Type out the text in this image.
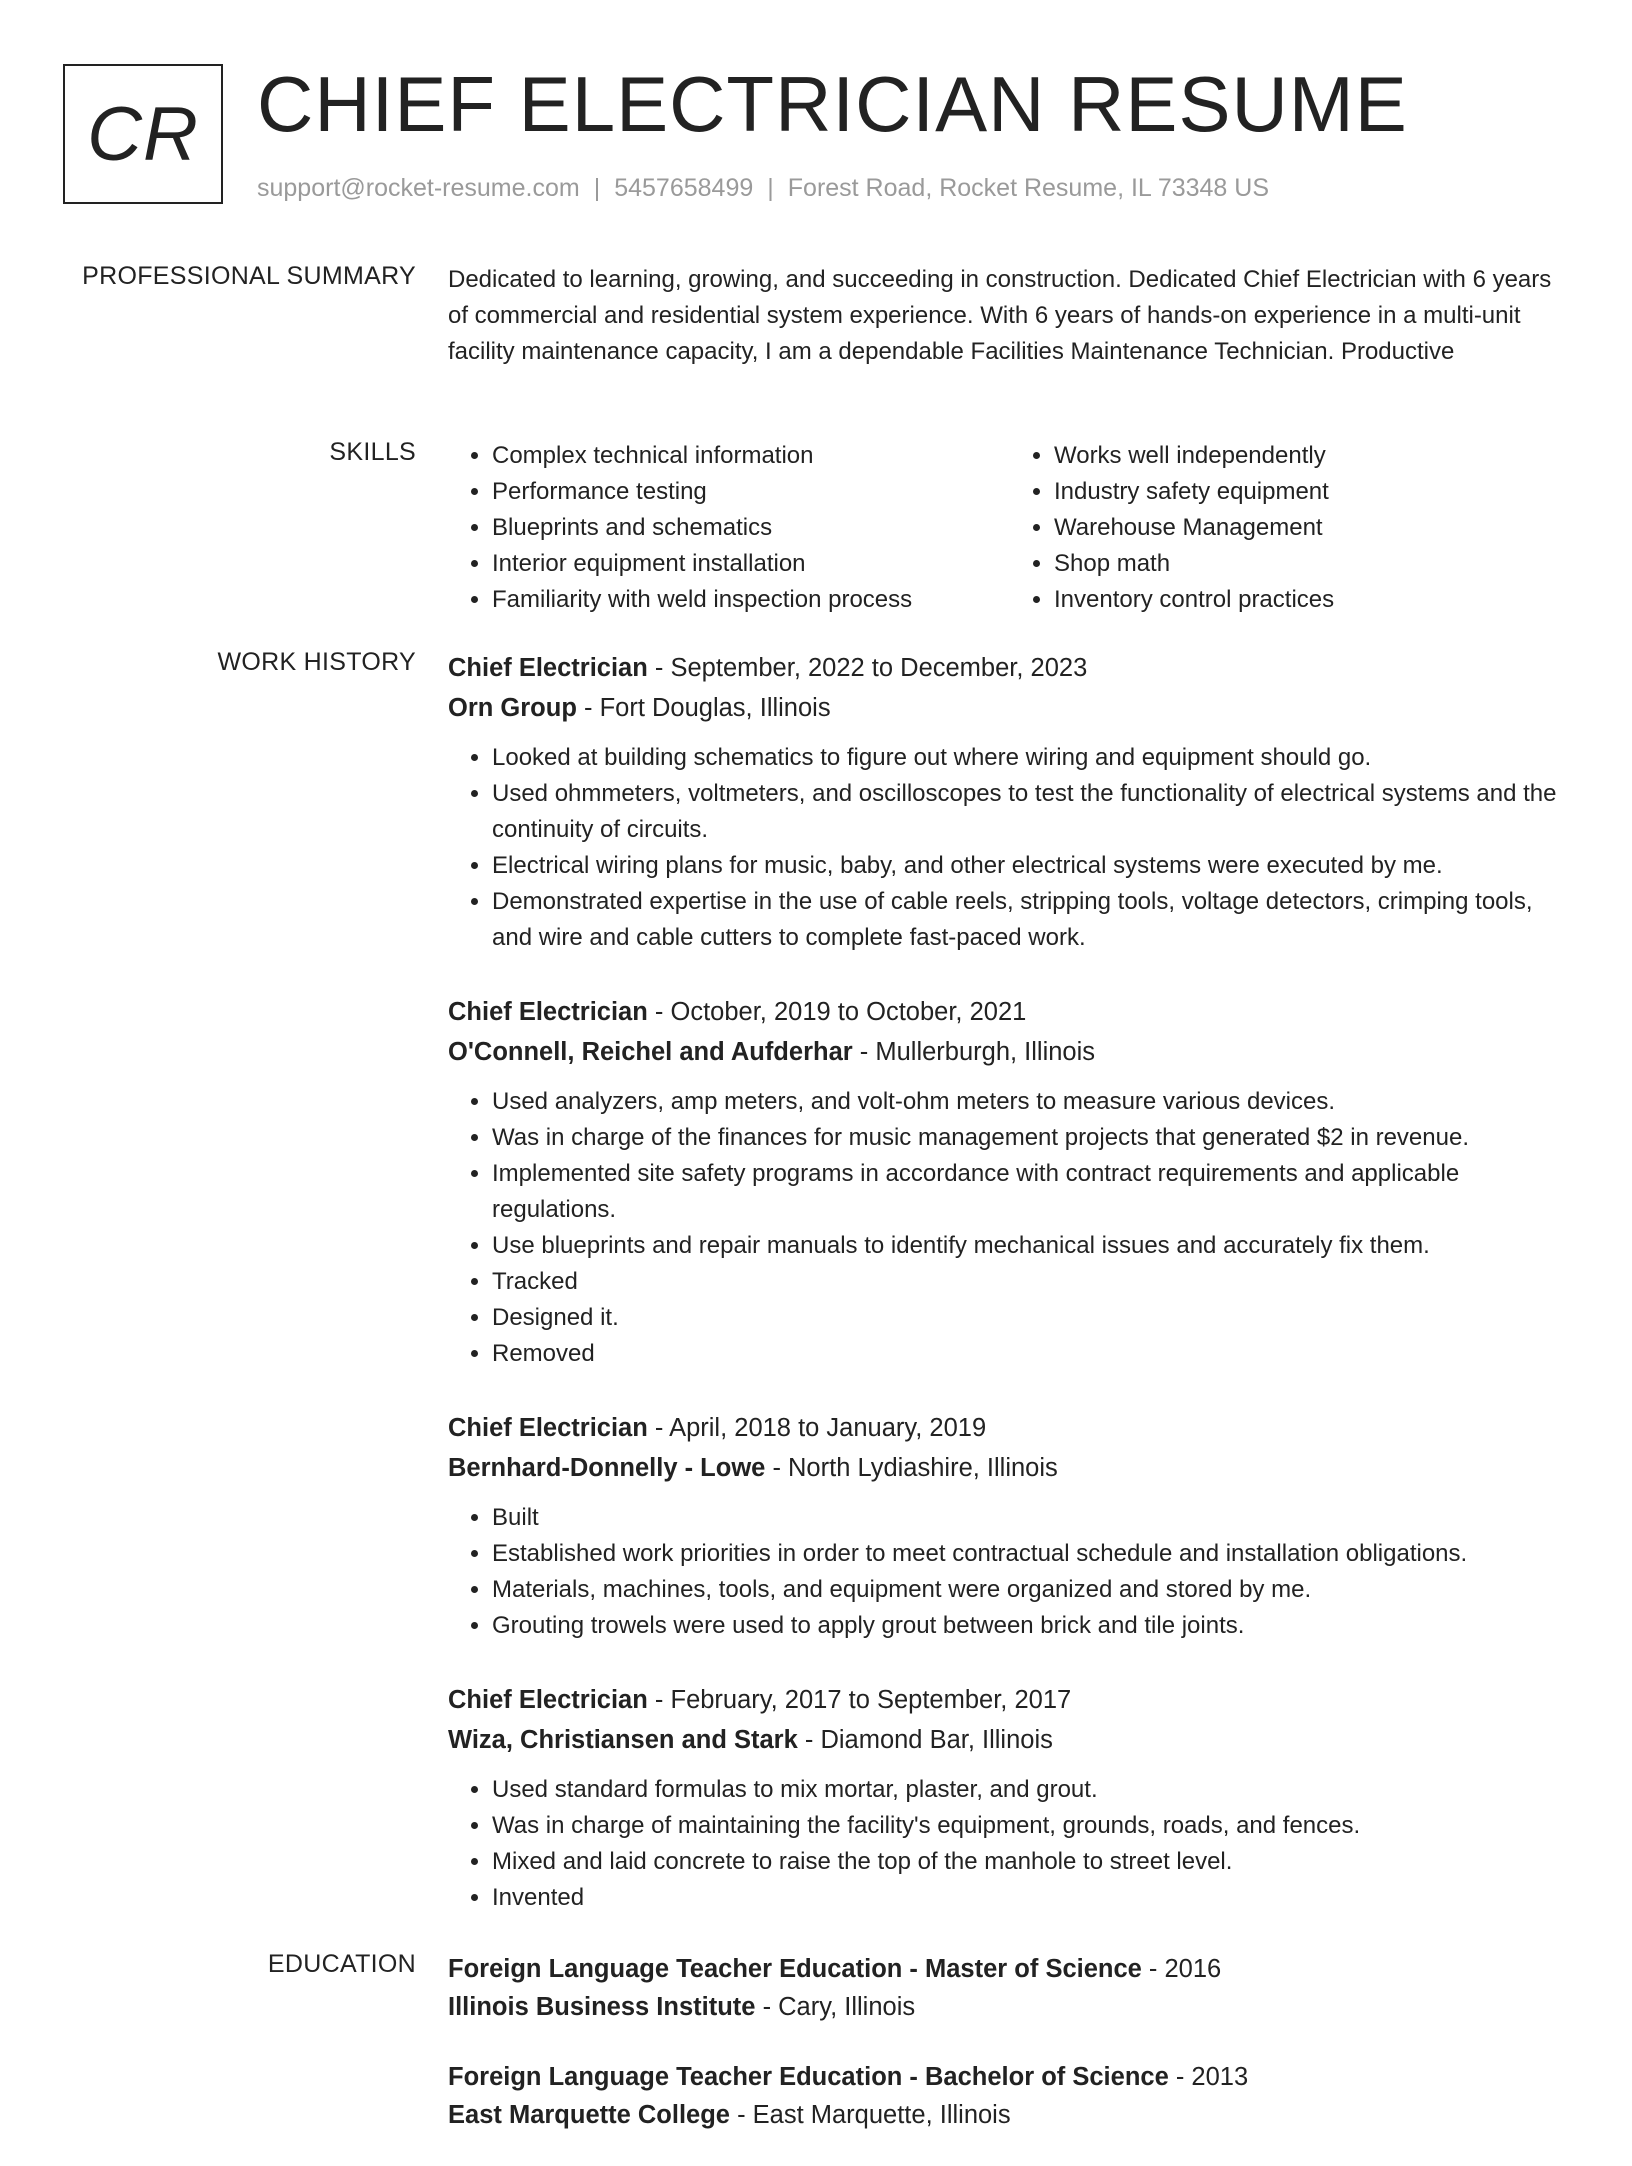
CR CHIEF ELECTRICIAN RESUME
support@rocket-resume.com | 5457658499 | Forest Road, Rocket Resume, IL 73348 US
PROFESSIONAL SUMMARY Dedicated to learning, growing, and succeeding in construction. Dedicated Chief Electrician with 6 years of commercial and residential system experience. With 6 years of hands-on experience in a multi-unit facility maintenance capacity, I am a dependable Facilities Maintenance Technician. Productive
SKILLS
•	Complex technical information
• Performance testing
• Blueprints and schematics
• Interior equipment installation
• Familiarity with weld inspection process
• Works well independently
• Industry safety equipment
• Warehouse Management
• Shop math
• Inventory control practices
WORK HISTORY Chief Electrician - September, 2022 to December, 2023
Orn Group - Fort Douglas, Illinois
• Looked at building schematics to figure out where wiring and equipment should go.
• Used ohmmeters, voltmeters, and oscilloscopes to test the functionality of electrical systems and the continuity of circuits.
• Electrical wiring plans for music, baby, and other electrical systems were executed by me.
• Demonstrated expertise in the use of cable reels, stripping tools, voltage detectors, crimping tools, and wire and cable cutters to complete fast-paced work.
Chief Electrician - October, 2019 to October, 2021
O'Connell, Reichel and Aufderhar - Mullerburgh, Illinois
• Used analyzers, amp meters, and volt-ohm meters to measure various devices.
• Was in charge of the finances for music management projects that generated $2 in revenue.
• Implemented site safety programs in accordance with contract requirements and applicable regulations.
• Use blueprints and repair manuals to identify mechanical issues and accurately fix them.
• Tracked
• Designed it.
• Removed
Chief Electrician - April, 2018 to January, 2019
Bernhard-Donnelly - Lowe - North Lydiashire, Illinois
• Built
• Established work priorities in order to meet contractual schedule and installation obligations.
• Materials, machines, tools, and equipment were organized and stored by me.
• Grouting trowels were used to apply grout between brick and tile joints.
Chief Electrician - February, 2017 to September, 2017
Wiza, Christiansen and Stark - Diamond Bar, Illinois
• Used standard formulas to mix mortar, plaster, and grout.
• Was in charge of maintaining the facility's equipment, grounds, roads, and fences.
• Mixed and laid concrete to raise the top of the manhole to street level.
• Invented
EDUCATION Foreign Language Teacher Education - Master of Science - 2016
Illinois Business Institute - Cary, Illinois
Foreign Language Teacher Education - Bachelor of Science - 2013
East Marquette College - East Marquette, Illinois
